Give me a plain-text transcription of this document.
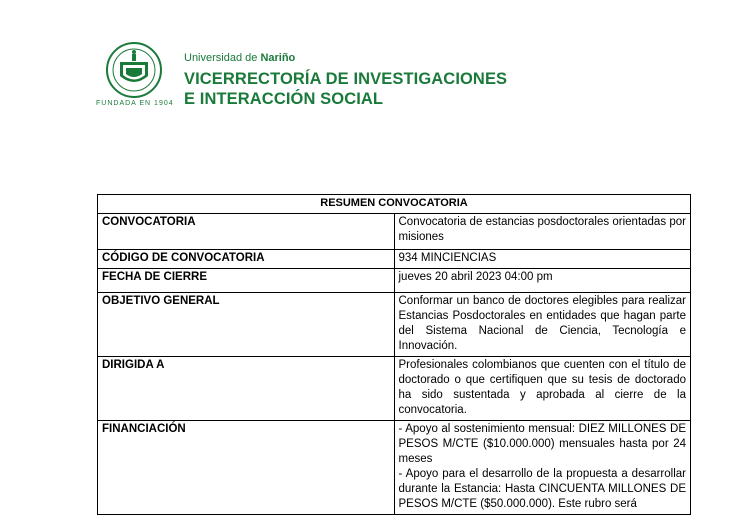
FUNDADA EN 1904
Universidad de Nariño
VICERRECTORÍA DE INVESTIGACIONES
E INTERACCIÓN SOCIAL
RESUMEN CONVOCATORIA	
CONVOCATORIA	Convocatoria de estancias posdoctorales orientadas por misiones
CÓDIGO DE CONVOCATORIA	934 MINCIENCIAS
FECHA DE CIERRE	jueves 20 abril 2023 04:00 pm
OBJETIVO GENERAL	Conformar un banco de doctores elegibles para realizar Estancias Posdoctorales en entidades que hagan parte del Sistema Nacional de Ciencia, Tecnología e Innovación.
DIRIGIDA A	Profesionales colombianos que cuenten con el título de doctorado o que certifiquen que su tesis de doctorado ha sido sustentada y aprobada al cierre de la convocatoria.
FINANCIACIÓN	- Apoyo al sostenimiento mensual: DIEZ MILLONES DE PESOS M/CTE ($10.000.000) mensuales hasta por 24 meses
- Apoyo para el desarrollo de la propuesta a desarrollar durante la Estancia: Hasta CINCUENTA MILLONES DE PESOS M/CTE ($50.000.000). Este rubro será
